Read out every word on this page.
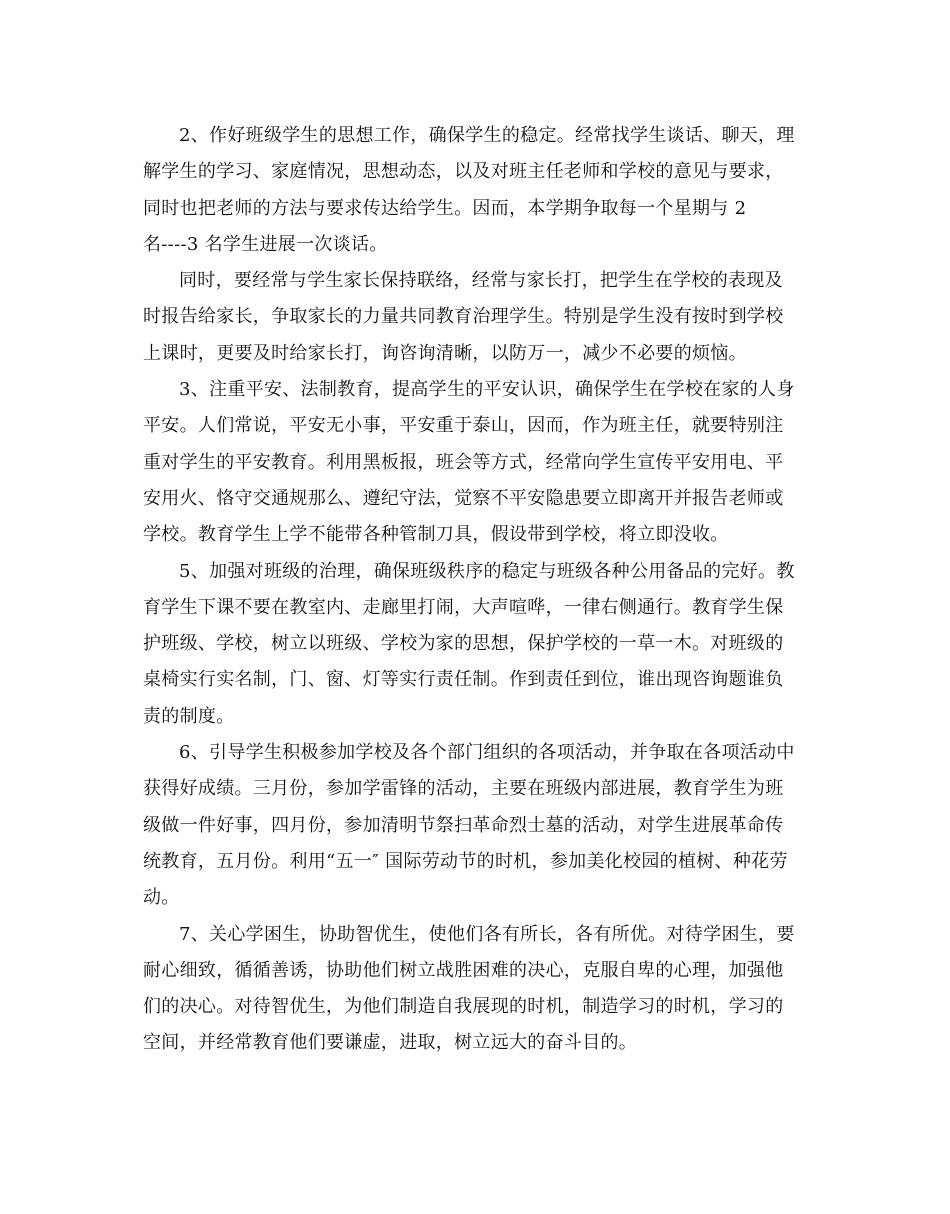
2、作好班级学生的思想工作，确保学生的稳定。经常找学生谈话、聊天，理
解学生的学习、家庭情况，思想动态，以及对班主任老师和学校的意见与要求，
同时也把老师的方法与要求传达给学生。因而，本学期争取每一个星期与 2
名----3 名学生进展一次谈话。

同时，要经常与学生家长保持联络，经常与家长打，把学生在学校的表现及
时报告给家长，争取家长的力量共同教育治理学生。特别是学生没有按时到学校
上课时，更要及时给家长打，询咨询清晰，以防万一，减少不必要的烦恼。

3、注重平安、法制教育，提高学生的平安认识，确保学生在学校在家的人身
平安。人们常说，平安无小事，平安重于泰山，因而，作为班主任，就要特别注
重对学生的平安教育。利用黑板报，班会等方式，经常向学生宣传平安用电、平
安用火、恪守交通规那么、遵纪守法，觉察不平安隐患要立即离开并报告老师或
学校。教育学生上学不能带各种管制刀具，假设带到学校，将立即没收。

5、加强对班级的治理，确保班级秩序的稳定与班级各种公用备品的完好。教
育学生下课不要在教室内、走廊里打闹，大声喧哗，一律右侧通行。教育学生保
护班级、学校，树立以班级、学校为家的思想，保护学校的一草一木。对班级的
桌椅实行实名制，门、窗、灯等实行责任制。作到责任到位，谁出现咨询题谁负
责的制度。

6、引导学生积极参加学校及各个部门组织的各项活动，并争取在各项活动中
获得好成绩。三月份，参加学雷锋的活动，主要在班级内部进展，教育学生为班
级做一件好事，四月份，参加清明节祭扫革命烈士墓的活动，对学生进展革命传
统教育，五月份。利用“五一″ 国际劳动节的时机，参加美化校园的植树、种花劳
动。

7、关心学困生，协助智优生，使他们各有所长，各有所优。对待学困生，要
耐心细致，循循善诱，协助他们树立战胜困难的决心，克服自卑的心理，加强他
们的决心。对待智优生，为他们制造自我展现的时机，制造学习的时机，学习的
空间，并经常教育他们要谦虚，进取，树立远大的奋斗目的。
